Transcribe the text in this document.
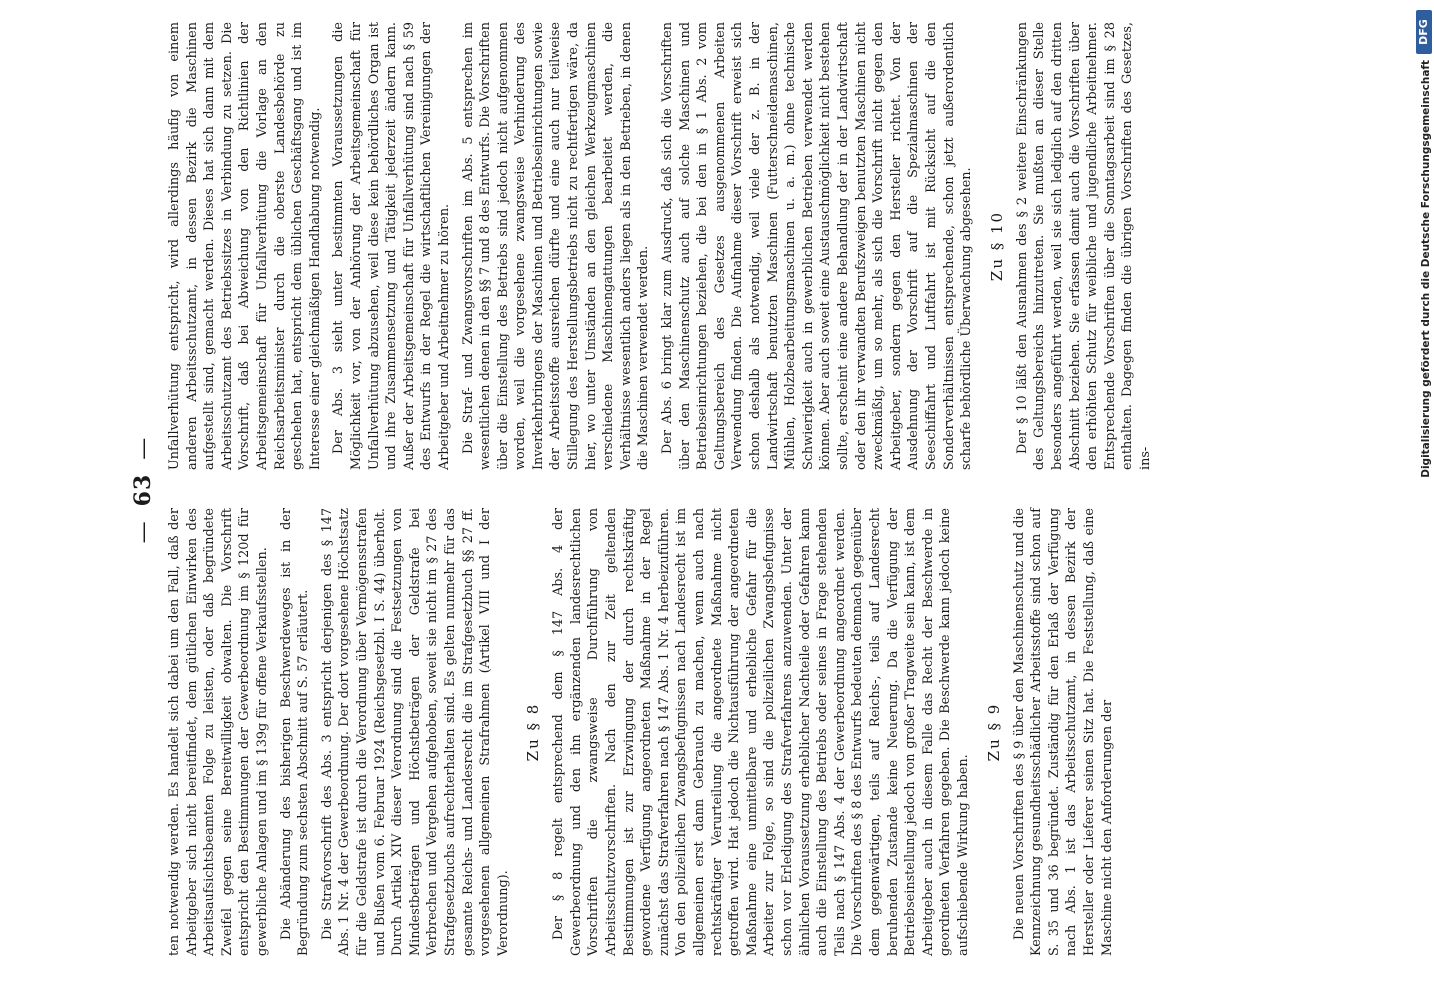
—63—

ten notwendig werden. Es handelt sich dabei um den Fall, daß der Arbeitgeber sich nicht bereitfindet, dem gütlichen Einwirken des Arbeitsaufsichtsbeamten Folge zu leisten, oder daß begründete Zweifel gegen seine Bereitwilligkeit obwalten. Die Vorschrift entspricht den Bestimmungen der Gewerbeordnung im § 120d für gewerbliche Anlagen und im § 139g für offene Verkaufsstellen. Die Abänderung des bisherigen Beschwerdeweges ist in der Begründung zum sechsten Abschnitt auf S. 57 erläutert. Die Strafvorschrift des Abs. 3 entspricht derjenigen des § 147 Abs. 1 Nr. 4 der Gewerbeordnung. Der dort vorgesehene Höchstsatz für die Geldstrafe ist durch die Verordnung über Vermögensstrafen und Bußen vom 6. Februar 1924 (Reichsgesetzbl. I S. 44) überholt. Durch Artikel XIV dieser Verordnung sind die Festsetzungen von Mindestbeträgen und Höchstbeträgen der Geldstrafe bei Verbrechen und Vergehen aufgehoben, soweit sie nicht im § 27 des Strafgesetzbuchs aufrechterhalten sind. Es gelten nunmehr für das gesamte Reichs- und Landesrecht die im Strafgesetzbuch §§ 27 ff. vorgesehenen allgemeinen Strafrahmen (Artikel VIII und I der Verordnung).

Zu § 8 Der § 8 regelt entsprechend dem § 147 Abs. 4 der Gewerbeordnung und den ihn ergänzenden landesrechtlichen Vorschriften die zwangsweise Durchführung von Arbeitsschutzvorschriften. Nach den zur Zeit geltenden Bestimmungen ist zur Erzwingung der durch rechtskräftig gewordene Verfügung angeordneten Maßnahme in der Regel zunächst das Strafverfahren nach § 147 Abs. 1 Nr. 4 herbeizuführen. Von den polizeilichen Zwangsbefugnissen nach Landesrecht ist im allgemeinen erst dann Gebrauch zu machen, wenn auch nach rechtskräftiger Verurteilung die angeordnete Maßnahme nicht getroffen wird. Hat jedoch die Nichtausführung der angeordneten Maßnahme eine unmittelbare und erhebliche Gefahr für die Arbeiter zur Folge, so sind die polizeilichen Zwangsbefugnisse schon vor Erledigung des Strafverfahrens anzuwenden. Unter der ähnlichen Voraussetzung erheblicher Nachteile oder Gefahren kann auch die Einstellung des Betriebs oder seines in Frage stehenden Teils nach § 147 Abs. 4 der Gewerbeordnung angeordnet werden. Die Vorschriften des § 8 des Entwurfs bedeuten demnach gegenüber dem gegenwärtigen, teils auf Reichs-, teils auf Landesrecht beruhenden Zustande keine Neuerung. Da die Verfügung der Betriebseinstellung jedoch von großer Tragweite sein kann, ist dem Arbeitgeber auch in diesem Falle das Recht der Beschwerde in geordneten Verfahren gegeben. Die Beschwerde kann jedoch keine aufschiebende Wirkung haben.

Zu § 9 Die neuen Vorschriften des § 9 über den Maschinenschutz und die Kennzeichnung gesundheitsschädlicher Arbeitsstoffe sind schon auf S. 35 und 36 begründet. Zuständig für den Erlaß der Verfügung nach Abs. 1 ist das Arbeitsschutzamt, in dessen Bezirk der Hersteller oder Lieferer seinen Sitz hat. Die Feststellung, daß eine Maschine nicht den Anforderungen der

Unfallverhütung entspricht, wird allerdings häufig von einem anderen Arbeitsschutzamt, in dessen Bezirk die Maschinen aufgestellt sind, gemacht werden. Dieses hat sich dann mit dem Arbeitsschutzamt des Betriebssitzes in Verbindung zu setzen. Die Vorschrift, daß bei Abweichung von den Richtlinien der Arbeitsgemeinschaft für Unfallverhütung die Vorlage an den Reichsarbeitsminister durch die oberste Landesbehörde zu geschehen hat, entspricht dem üblichen Geschäftsgang und ist im Interesse einer gleichmäßigen Handhabung notwendig. Der Abs. 3 sieht unter bestimmten Voraussetzungen die Möglichkeit vor, von der Anhörung der Arbeitsgemeinschaft für Unfallverhütung abzusehen, weil diese kein behördliches Organ ist und ihre Zusammensetzung und Tätigkeit jederzeit ändern kann. Außer der Arbeitsgemeinschaft für Unfallverhütung sind nach § 59 des Entwurfs in der Regel die wirtschaftlichen Vereinigungen der Arbeitgeber und Arbeitnehmer zu hören. Die Straf- und Zwangsvorschriften im Abs. 5 entsprechen im wesentlichen denen in den §§ 7 und 8 des Entwurfs. Die Vorschriften über die Einstellung des Betriebs sind jedoch nicht aufgenommen worden, weil die vorgesehene zwangsweise Verhinderung des Inverkehrbringens der Maschinen und Betriebseinrichtungen sowie der Arbeitsstoffe ausreichen dürfte und eine auch nur teilweise Stillegung des Herstellungsbetriebs nicht zu rechtfertigen wäre, da hier, wo unter Umständen an den gleichen Werkzeugmaschinen verschiedene Maschinengattungen bearbeitet werden, die Verhältnisse wesentlich anders liegen als in den Betrieben, in denen die Maschinen verwendet werden. Der Abs. 6 bringt klar zum Ausdruck, daß sich die Vorschriften über den Maschinenschutz auch auf solche Maschinen und Betriebseinrichtungen beziehen, die bei den in § 1 Abs. 2 vom Geltungsbereich des Gesetzes ausgenommenen Arbeiten Verwendung finden. Die Aufnahme dieser Vorschrift erweist sich schon deshalb als notwendig, weil viele der z. B. in der Landwirtschaft benutzten Maschinen (Futterschneidemaschinen, Mühlen, Holzbearbeitungsmaschinen u. a. m.) ohne technische Schwierigkeit auch in gewerblichen Betrieben verwendet werden können. Aber auch soweit eine Austauschmöglichkeit nicht bestehen sollte, erscheint eine andere Behandlung der in der Landwirtschaft oder den ihr verwandten Berufszweigen benutzten Maschinen nicht zweckmäßig, um so mehr, als sich die Vorschrift nicht gegen den Arbeitgeber, sondern gegen den Hersteller richtet. Von der Ausdehnung der Vorschrift auf die Spezialmaschinen der Seeschiffahrt und Luftfahrt ist mit Rücksicht auf die den Sonderverhältnissen entsprechende, schon jetzt außerordentlich scharfe behördliche Überwachung abgesehen. Zu § 10 Der § 10 läßt den Ausnahmen des § 2 weitere Einschränkungen des Geltungsbereichs hinzutreten. Sie mußten an dieser Stelle besonders angeführt werden, weil sie sich lediglich auf den dritten Abschnitt beziehen. Sie erfassen damit auch die Vorschriften über den erhöhten Schutz für weibliche und jugendliche Arbeitnehmer. Entsprechende Vorschriften über die Sonntagsarbeit sind im § 28 enthalten. Dagegen finden die übrigen Vorschriften des Gesetzes, ins-

DFG
Digitalisierung gefördert durch die Deutsche Forschungsgemeinschaft
